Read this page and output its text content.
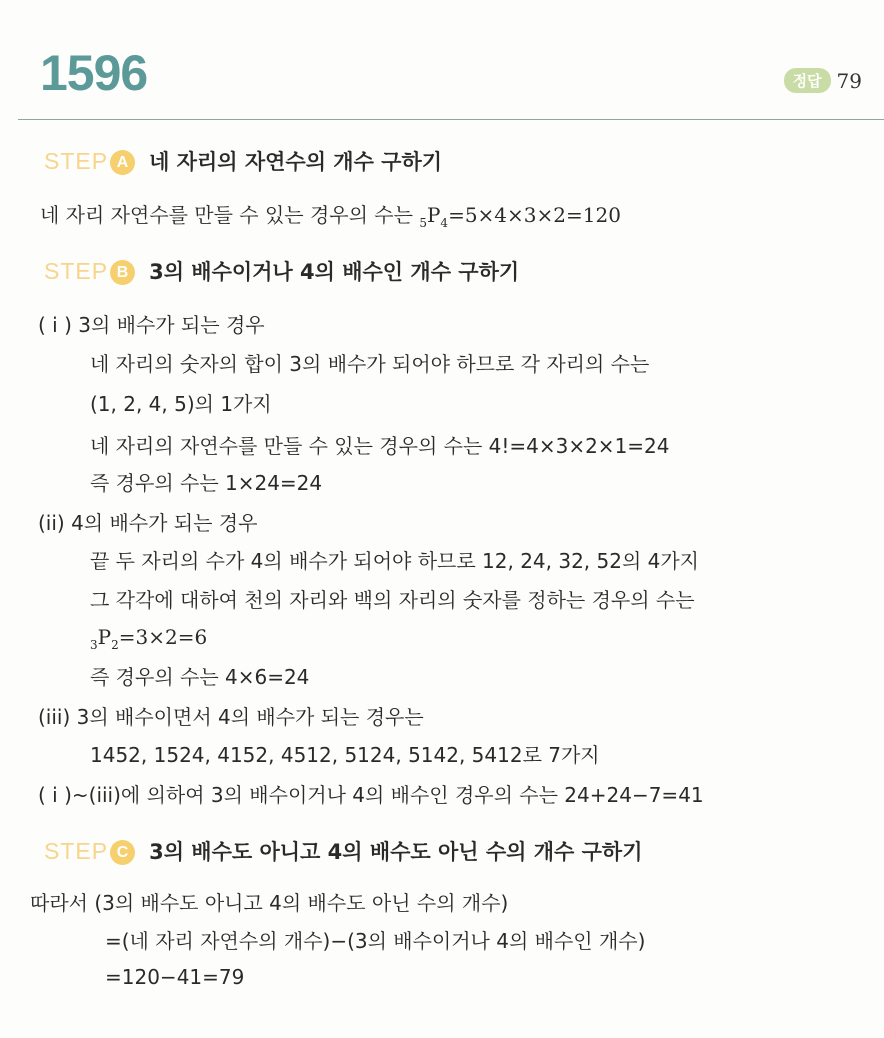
1596	정답 79
STEP A 네 자리의 자연수의 개수 구하기
네 자리 자연수를 만들 수 있는 경우의 수는 $_5P_4=5\times 4\times 3\times 2=120$
STEP B 3의 배수이거나 4의 배수인 개수 구하기
( i ) 3의 배수가 되는 경우
네 자리의 숫자의 합이 3의 배수가 되어야 하므로 각 자리의 수는
(1, 2, 4, 5)의 1가지
네 자리의 자연수를 만들 수 있는 경우의 수는 4!=4×3×2×1=24
즉 경우의 수는 1×24=24
(ii) 4의 배수가 되는 경우
끝 두 자리의 수가 4의 배수가 되어야 하므로 12, 24, 32, 52의 4가지
그 각각에 대하여 천의 자리와 백의 자리의 숫자를 정하는 경우의 수는
$_3P_2=3\times 2=6$
즉 경우의 수는 4×6=24
(iii) 3의 배수이면서 4의 배수가 되는 경우는
1452, 1524, 4152, 4512, 5124, 5142, 5412로 7가지
( i )~(iii)에 의하여 3의 배수이거나 4의 배수인 경우의 수는 24+24−7=41
STEP C 3의 배수도 아니고 4의 배수도 아닌 수의 개수 구하기
따라서 (3의 배수도 아니고 4의 배수도 아닌 수의 개수)
=(네 자리 자연수의 개수)−(3의 배수이거나 4의 배수인 개수)
=120−41=79
